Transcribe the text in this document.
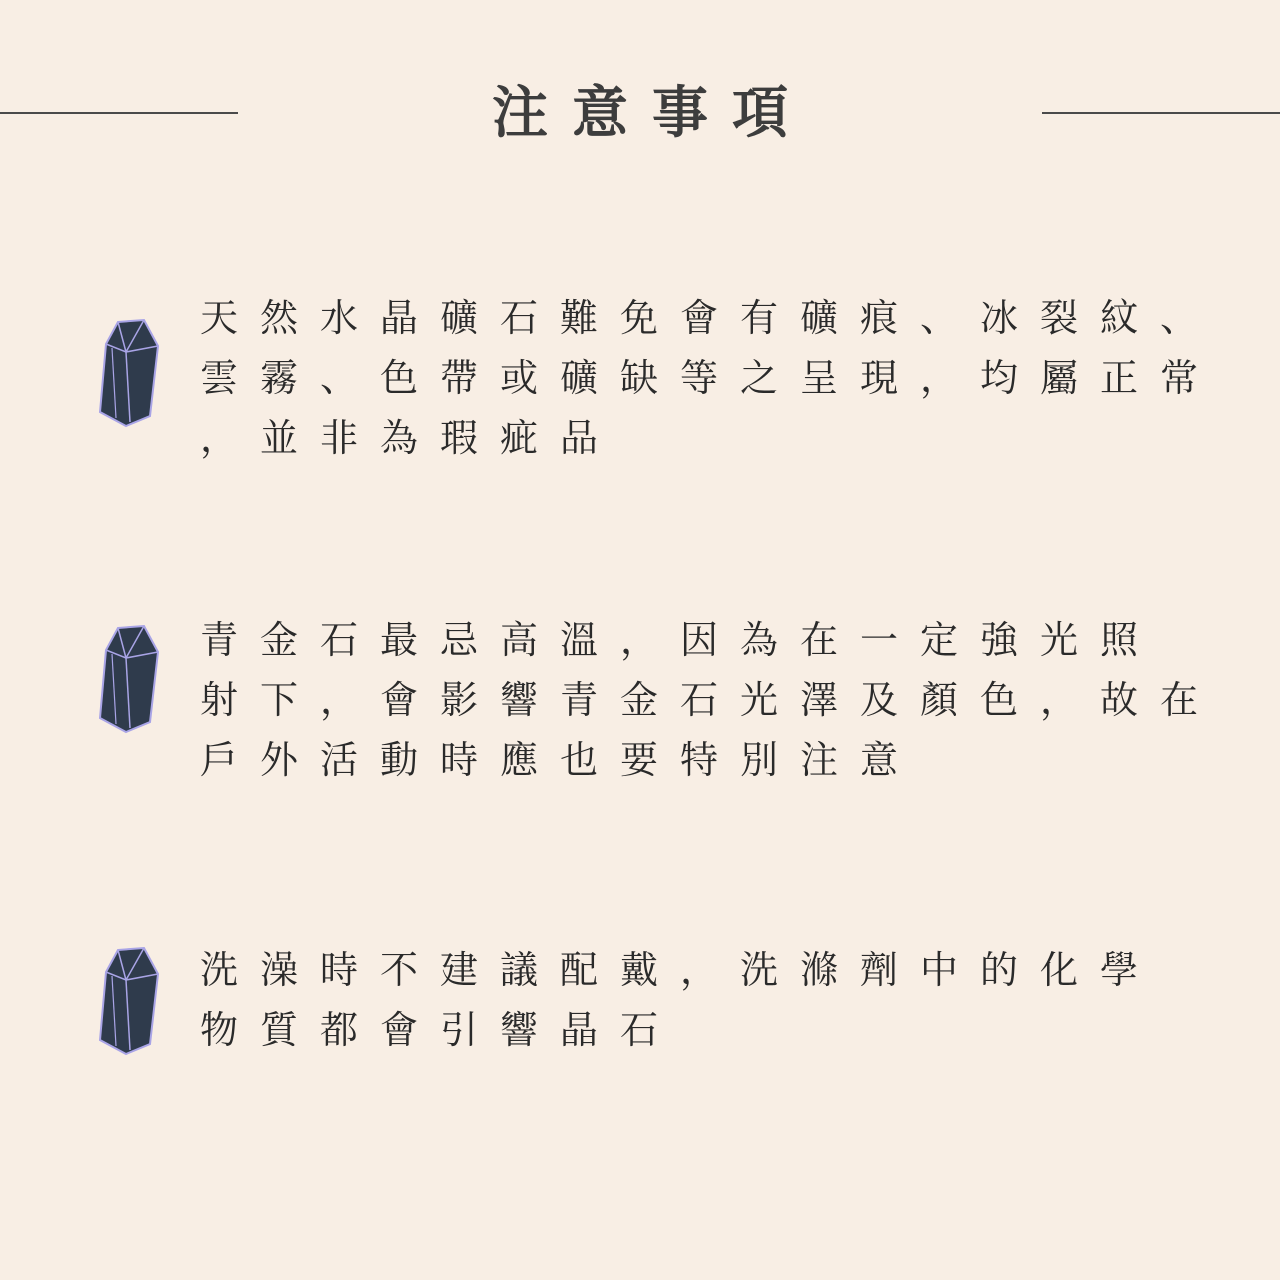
注意事項
天然水晶礦石難免會有礦痕、冰裂紋、
雲霧、色帶或礦缺等之呈現，均屬正常
，並非為瑕疵品
青金石最忌高溫，因為在一定強光照
射下，會影響青金石光澤及顏色，故在
戶外活動時應也要特別注意
洗澡時不建議配戴，洗滌劑中的化學
物質都會引響晶石
